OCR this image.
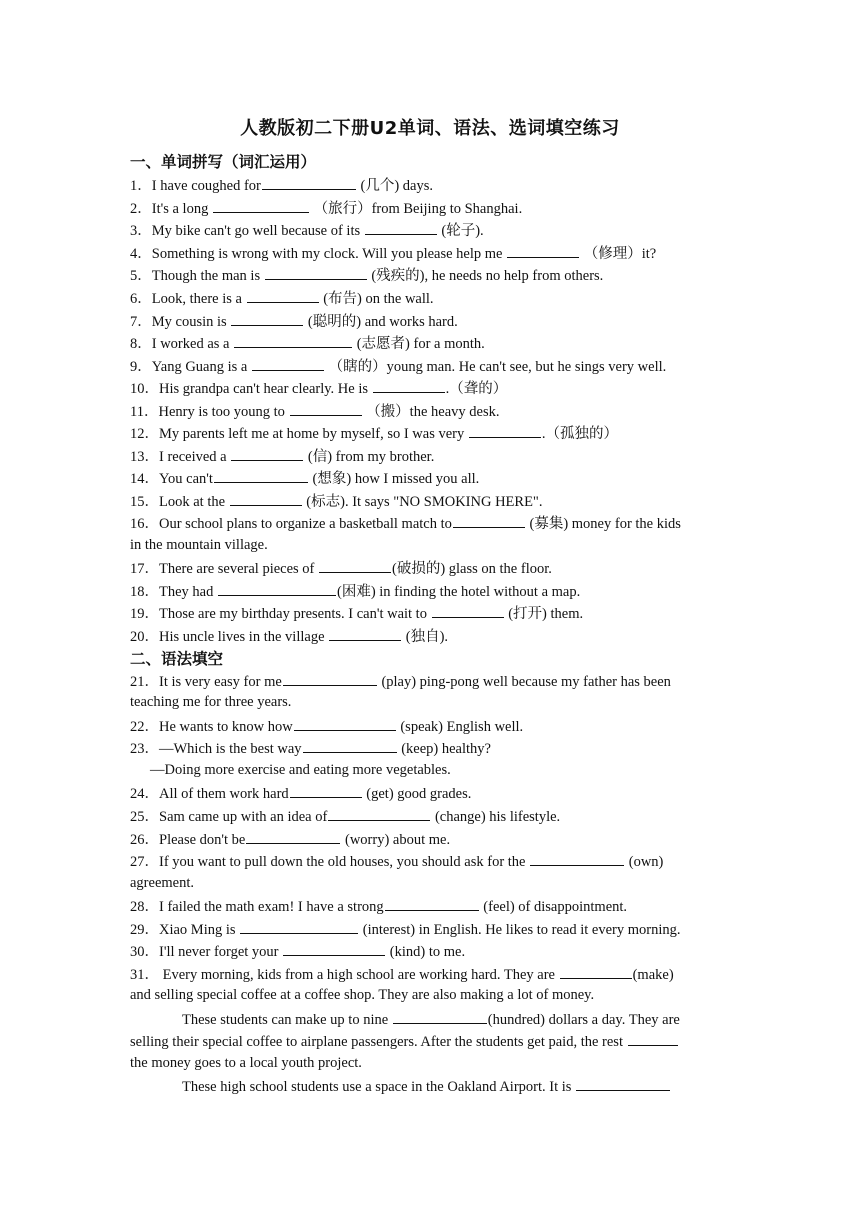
人教版初二下册U2单词、语法、选词填空练习
一、单词拼写（词汇运用）
1．I have coughed for	(几个) days.
2．It's a long	（旅行）from Beijing to Shanghai.
3．My bike can't go well because of its	(轮子).
4．Something is wrong with my clock. Will you please help me	（修理）it?
5．Though the man is	(残疾的), he needs no help from others.
6．Look, there is a	(布告) on the wall.
7．My cousin is	(聪明的) and works hard.
8．I worked as a	(志愿者) for a month.
9．Yang Guang is a	（瞎的）young man. He can't see, but he sings very well.
10．His grandpa can't hear clearly. He is	.（聋的）
11．Henry is too young to	（搬）the heavy desk.
12．My parents left me at home by myself, so I was very	.（孤独的）
13．I received a	(信) from my brother.
14．You can't	(想象) how I missed you all.
15．Look at the	(标志). It says "NO SMOKING HERE".
16．Our school plans to organize a basketball match to	(募集) money for the kids
in the mountain village.
17．There are several pieces of	(破损的) glass on the floor.
18．They had	(困难) in finding the hotel without a map.
19．Those are my birthday presents. I can't wait to	(打开) them.
20．His uncle lives in the village	(独自).
二、语法填空
21．It is very easy for me	(play) ping-pong well because my father has been
teaching me for three years.
22．He wants to know how	(speak) English well.
23．—Which is the best way	(keep) healthy?
—Doing more exercise and eating more vegetables.
24．All of them work hard	(get) good grades.
25．Sam came up with an idea of	(change) his lifestyle.
26．Please don't be	(worry) about me.
27．If you want to pull down the old houses, you should ask for the	(own)
agreement.
28．I failed the math exam! I have a strong	(feel) of disappointment.
29．Xiao Ming is	(interest) in English. He likes to read it every morning.
30．I'll never forget your	(kind) to me.
31． Every morning, kids from a high school are working hard. They are	(make)
and selling special coffee at a coffee shop. They are also making a lot of money.
These students can make up to nine	(hundred) dollars a day. They are
selling their special coffee to airplane passengers. After the students get paid, the rest
the money goes to a local youth project.
These high school students use a space in the Oakland Airport. It is
